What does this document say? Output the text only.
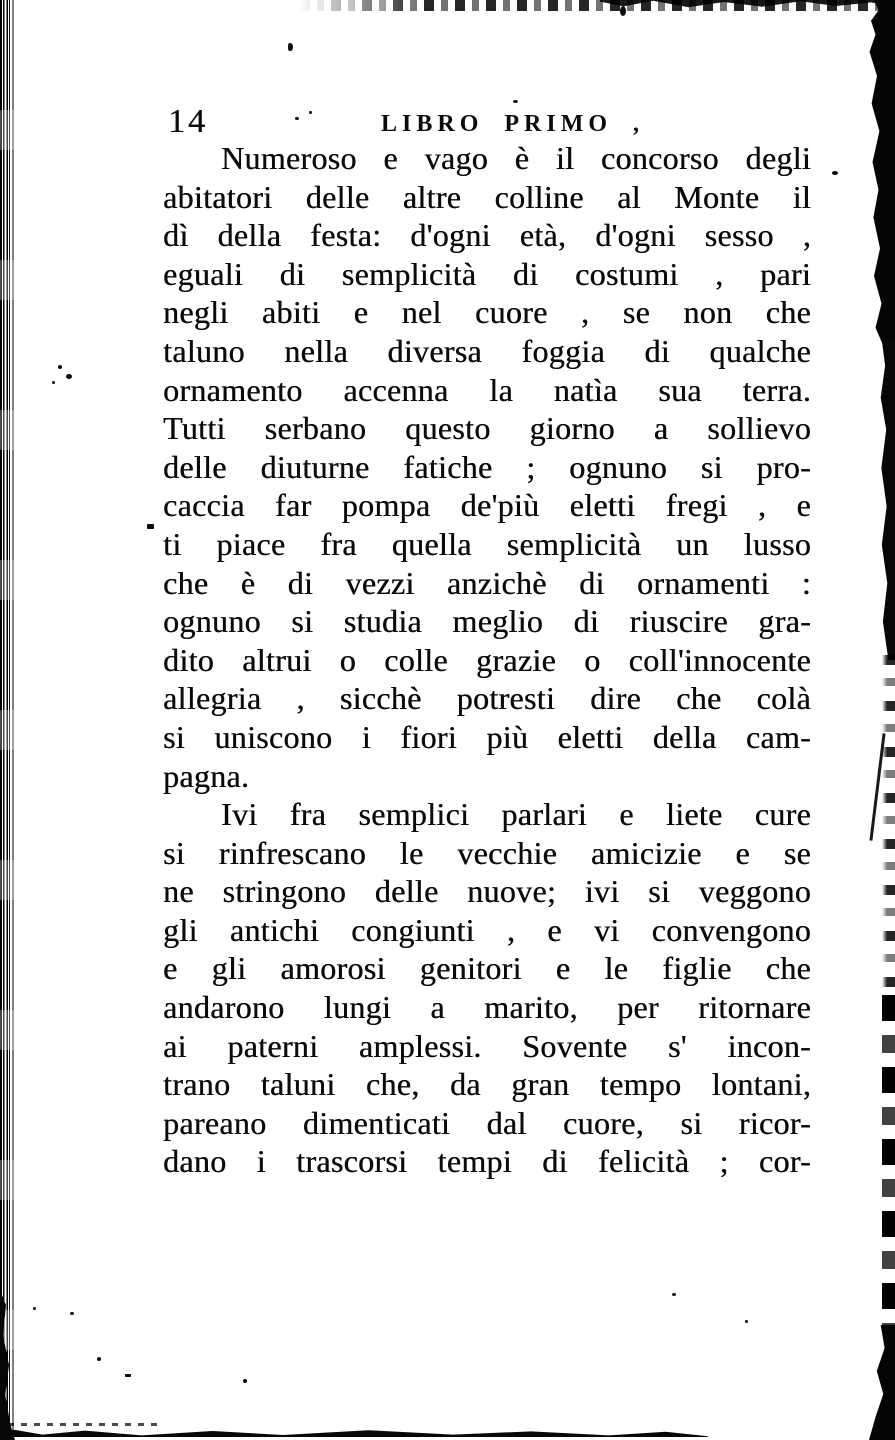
14	LIBRO PRIMO ,
Numeroso e vago è il concorso degli
abitatori delle altre colline al Monte il
dì della festa: d'ogni età, d'ogni sesso ,
eguali di semplicità di costumi , pari
negli abiti e nel cuore , se non che
taluno nella diversa foggia di qualche
ornamento accenna la natìa sua terra.
Tutti serbano questo giorno a sollievo
delle diuturne fatiche ; ognuno si pro-
caccia far pompa de'più eletti fregi , e
ti piace fra quella semplicità un lusso
che è di vezzi anzichè di ornamenti :
ognuno si studia meglio di riuscire gra-
dito altrui o colle grazie o coll'innocente
allegria , sicchè potresti dire che colà
si uniscono i fiori più eletti della cam-
pagna.
Ivi fra semplici parlari e liete cure
si rinfrescano le vecchie amicizie e se
ne stringono delle nuove; ivi si veggono
gli antichi congiunti , e vi convengono
e gli amorosi genitori e le figlie che
andarono lungi a marito, per ritornare
ai paterni amplessi. Sovente s' incon-
trano taluni che, da gran tempo lontani,
pareano dimenticati dal cuore, si ricor-
dano i trascorsi tempi di felicità ; cor-
